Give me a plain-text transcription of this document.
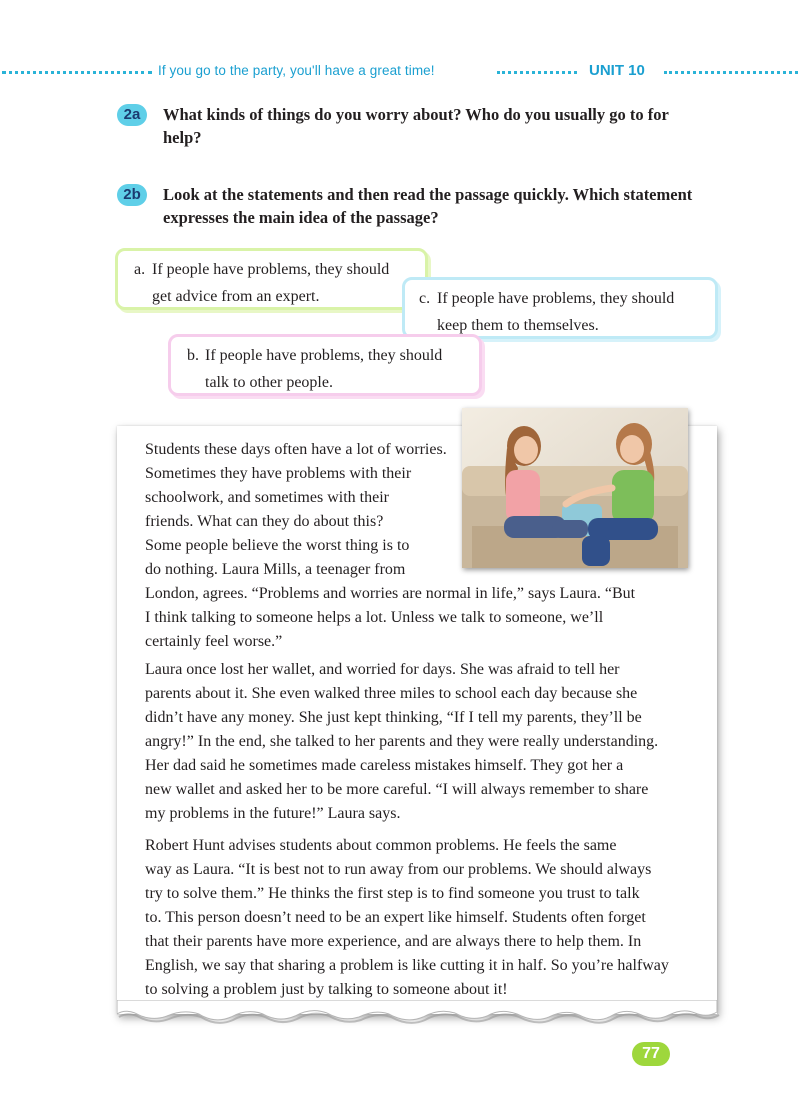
If you go to the party, you'll have a great time!	UNIT 10
2a	What kinds of things do you worry about? Who do you usually go to for
help?
2b	Look at the statements and then read the passage quickly. Which statement
expresses the main idea of the passage?
a. If people have problems, they should
get advice from an expert.	c. If people have problems, they should
keep them to themselves.
b. If people have problems, they should
talk to other people.
Students these days often have a lot of worries.
Sometimes they have problems with their
schoolwork, and sometimes with their
friends. What can they do about this?
Some people believe the worst thing is to
do nothing. Laura Mills, a teenager from
London, agrees. “Problems and worries are normal in life,” says Laura. “But
I think talking to someone helps a lot. Unless we talk to someone, we’ll
certainly feel worse.”
Laura once lost her wallet, and worried for days. She was afraid to tell her
parents about it. She even walked three miles to school each day because she
didn’t have any money. She just kept thinking, “If I tell my parents, they’ll be
angry!” In the end, she talked to her parents and they were really understanding.
Her dad said he sometimes made careless mistakes himself. They got her a
new wallet and asked her to be more careful. “I will always remember to share
my problems in the future!” Laura says.
Robert Hunt advises students about common problems. He feels the same
way as Laura. “It is best not to run away from our problems. We should always
try to solve them.” He thinks the first step is to find someone you trust to talk
to. This person doesn’t need to be an expert like himself. Students often forget
that their parents have more experience, and are always there to help them. In
English, we say that sharing a problem is like cutting it in half. So you’re halfway
to solving a problem just by talking to someone about it!
77
